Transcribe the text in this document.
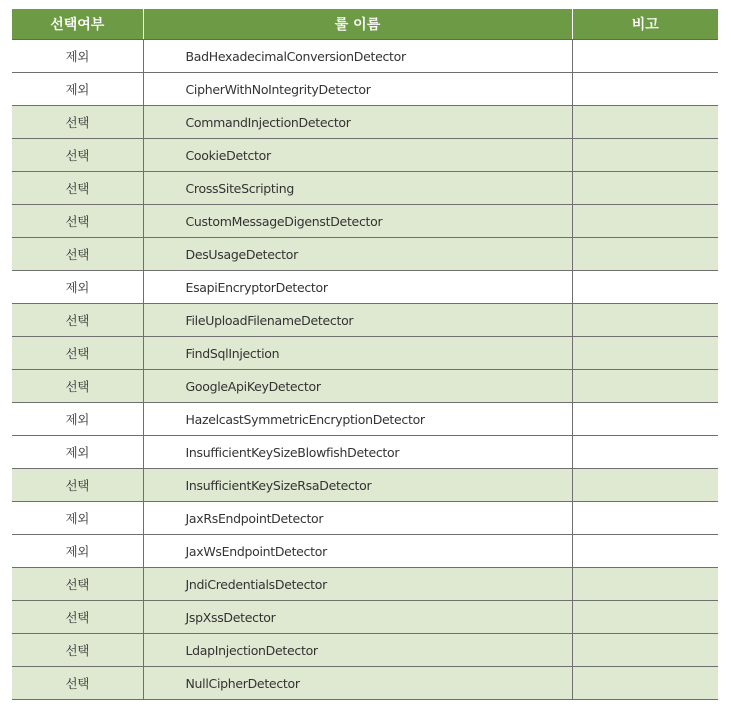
선택여부	룰 이름	비고
제외	BadHexadecimalConversionDetector	
제외	CipherWithNoIntegrityDetector	
선택	CommandInjectionDetector	
선택	CookieDetctor	
선택	CrossSiteScripting	
선택	CustomMessageDigenstDetector	
선택	DesUsageDetector	
제외	EsapiEncryptorDetector	
선택	FileUploadFilenameDetector	
선택	FindSqlInjection	
선택	GoogleApiKeyDetector	
제외	HazelcastSymmetricEncryptionDetector	
제외	InsufficientKeySizeBlowfishDetector	
선택	InsufficientKeySizeRsaDetector	
제외	JaxRsEndpointDetector	
제외	JaxWsEndpointDetector	
선택	JndiCredentialsDetector	
선택	JspXssDetector	
선택	LdapInjectionDetector	
선택	NullCipherDetector	
